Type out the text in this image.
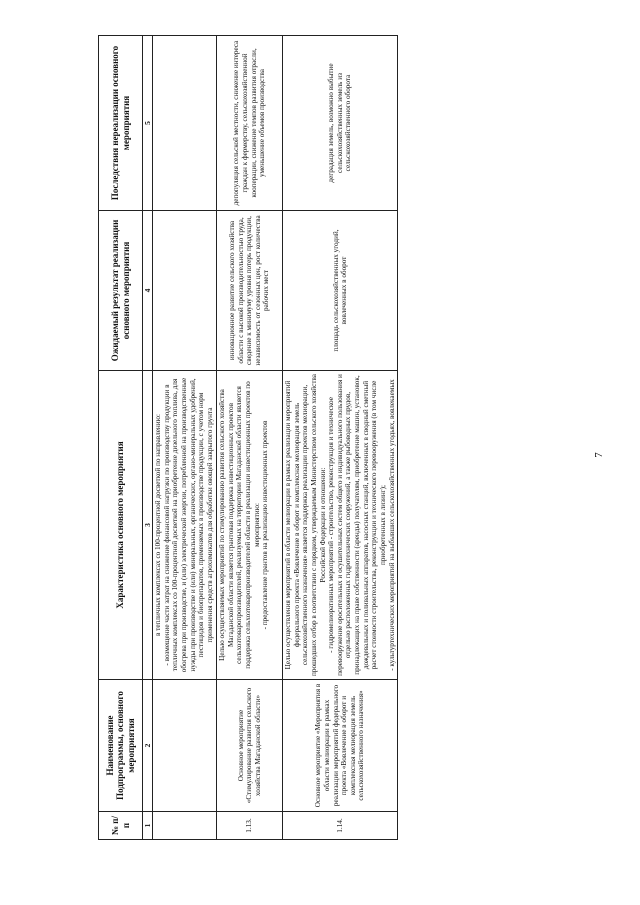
7
№ п/п	Наименование Подпрограммы, основного мероприятия	Характеристика основного мероприятия	Ожидаемый результат реализации основного мероприятия	Последствия нереализации основного мероприятия
1	2	3	4	5

		в тепличных комплексах со 100-процентной досветкой по направлению: - возмещение части затрат на снижение финансовой нагрузки по производству продукции в тепличных комплексах со 100-процентной досветкой на приобретение дизельного топлива, для обогрева при производстве, и (или) электрической энергии, потребленной на производственные нужды при производстве и (или) минеральных, органических, органо-минеральных удобрений, пестицидов и биопрепаратов, применяемых в производстве продукции, с учетом норм применения средств агрохимикатов для обработки овощей закрытого грунта		

1.13.	Основное мероприятие «Стимулирование развития сельского хозяйства Магаданской области»	Целью осуществляемых мероприятий по стимулированию развития сельского хозяйства Магаданской области является грантовая поддержка инвестиционных проектов сельхозтоваропроизводителей, реализуемых на территории Магаданской области является поддержка сельхозтоваропроизводителей области в реализации инвестиционных проектов по мероприятию: - предоставление грантов на реализацию инвестиционных проектов	инновационное развитие сельского хозяйства области с высокой производительностью труда, сведение к минимуму уровня потерь продукции, независимость от сезонных цен, рост количества рабочих мест	депопуляция сельской местности, снижение интереса граждан к фермерству, сельскохозяйственной кооперации, снижение темпов развития отрасли, уменьшение объемов производства
1.14.	Основное мероприятие «Мероприятия в области мелиорации в рамках реализации мероприятий федерального проекта «Вовлечение в оборот и комплексная мелиорация земель сельскохозяйственного назначения»	Целью осуществления мероприятий в области мелиорации в рамках реализации мероприятий федерального проекта «Вовлечение в оборот и комплексная мелиорация земель сельскохозяйственного назначения» является поддержка реализации проектов мелиорации, прошедших отбор в соответствии с порядком, утверждаемым Министерством сельского хозяйства Российской Федерации и отношении: - гидромелиоративных мероприятий - строительство, реконструкция и техническое перевооружение оросительных и осушительных систем общего и индивидуального пользования и отдельно расположенных гидротехнических сооружений, а также рыбоводных прудов, принадлежащих на праве собственности (аренды) получателям, приобретение машин, установок, дождевальных и поливальных аппаратов, насосных станций, включенных в сводный сметный расчет стоимости строительства, реконструкции и технического перевооружения (в том числе приобретенных в лизинг); - культуртехнических мероприятий на выбывших сельскохозяйственных угодьях, вовлекаемых	площадь сельскохозяйственных угодий, вовлеченных в оборот	деградация земель, возможно выбытие сельскохозяйственных земель из сельскохозяйственного оборота
